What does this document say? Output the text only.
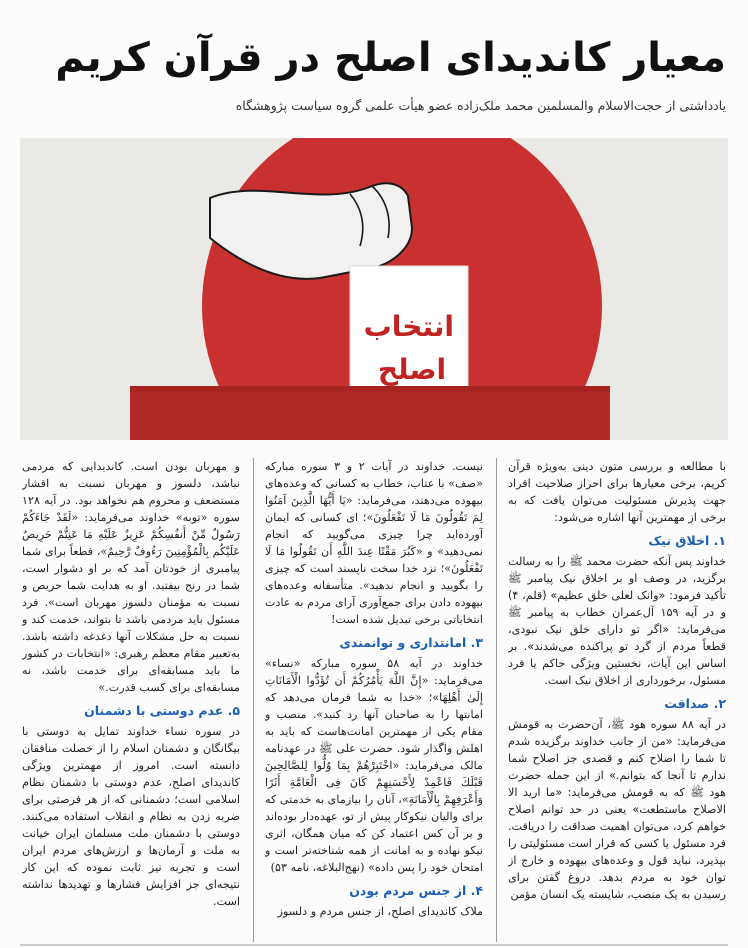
معیار کاندیدای اصلح در قرآن کریم
یادداشتی از حجت‌الاسلام والمسلمین محمد ملک‌زاده عضو هیأت علمی گروه سیاست پژوهشگاه
انتخاب
اصلح

با مطالعه و بررسی متون دینی به‌ویژه قرآن کریم، برخی معیارها برای احراز صلاحیت افراد جهت پذیرش مسئولیت می‌توان یافت که به برخی از مهمترین آنها اشاره می‌شود:

۱. اخلاق نیک

خداوند پس آنکه حضرت محمد ﷺ را به رسالت برگزید، در وصف او بر اخلاق نیک پیامبر ﷺ تأکید فرمود: «وانک لعلی خلق عظیم» (قلم، ۴) و در آیه ۱۵۹ آل‌عمران خطاب به پیامبر ﷺ می‌فرماید: «اگر تو دارای خلق نیک نبودی، قطعاً مردم از گرد تو پراکنده می‌شدند». بر اساس این آیات، نخستین ویژگی حاکم یا فرد مسئول، برخورداری از اخلاق نیک است.

۲. صداقت

در آیه ۸۸ سوره هود ﷺ، آن‌حضرت به قومش می‌فرماید: «من از جانب خداوند برگزیده شدم تا شما را اصلاح کنم و قصدی جز اصلاح شما ندارم تا آنجا که بتوانم.» از این جمله حضرت هود ﷺ که به قومش می‌فرماید: «ما ارید الا الاصلاح ماستطعت» یعنی در حد توانم اصلاح خواهم کرد، می‌توان اهمیت صداقت را دریافت. فرد مسئول یا کسی که قرار است مسئولیتی را بپذیرد، نباید قول و وعده‌های بیهوده و خارج از توان خود به مردم بدهد. دروغ گفتن برای رسیدن به یک منصب، شایسته یک انسان مؤمن

نیست. خداوند در آیات ۲ و ۳ سوره مبارکه «صف» با عتاب، خطاب به کسانی که وعده‌های بیهوده می‌دهند، می‌فرماید: «یَا أَیُّهَا الَّذِینَ آمَنُوا لِمَ تَقُولُونَ مَا لَا تَفْعَلُونَ»؛ ای کسانی که ایمان آورده‌اید چرا چیزی می‌گویید که انجام نمی‌دهید» و «کَبُرَ مَقْتًا عِندَ اللَّهِ أَن تَقُولُوا مَا لَا تَفْعَلُونَ»؛ نزد خدا سخت ناپسند است که چیزی را بگویید و انجام ندهید». متأسفانه وعده‌های بیهوده دادن برای جمع‌آوری آرای مردم به عادت انتخاباتی برخی تبدیل شده است!

۳. امانتداری و توانمندی

خداوند در آیه ۵۸ سوره مبارکه «نساء» می‌فرماید: «إِنَّ اللَّهَ یَأْمُرُكُمْ أَن تُؤَدُّوا الْأَمَانَاتِ إِلَىٰ أَهْلِهَا»؛ «خدا به شما فرمان می‌دهد که امانتها را به صاحبان آنها رد کنید». منصب و مقام یکی از مهمترین امانت‌هاست که باید به اهلش واگذار شود. حضرت علی ﷺ در عهدنامه مالک می‌فرماید: «اخْتَبِرْهُمْ بِمَا وُلُّوا لِلصَّالِحِینَ قَبْلَكَ فَاعْمِدْ لِأَحْسَنِهِمْ كَانَ فِی الْعَامَّةِ أَثَرًا وَأَعْرَفِهِمْ بِالْأَمَانَةِ»، آنان را بیازمای به خدمتی که برای والیان نیکوکار پیش از تو، عهده‌دار بوده‌اند و بر آن کس اعتماد کن که میان همگان، اثری نیکو نهاده و به امانت از همه شناخته‌تر است و امتحان خود را پس داده» (نهج‌البلاغه، نامه ۵۳)

۴. از جنس مردم بودن

ملاک کاندیدای اصلح، از جنس مردم و دلسوز

و مهربان بودن است. کاندیدایی که مردمی نباشد، دلسوز و مهربان نسبت به اقشار مستضعف و محروم هم نخواهد بود. در آیه ۱۲۸ سوره «توبه» خداوند می‌فرماید: «لَقَدْ جَاءَكُمْ رَسُولٌ مِّنْ أَنفُسِكُمْ عَزِیزٌ عَلَیْهِ مَا عَنِتُّمْ حَرِیصٌ عَلَیْكُم بِالْمُؤْمِنِینَ رَءُوفٌ رَّحِیمٌ»، قطعاً برای شما پیامبری از خودتان آمد که بر او دشوار است، شما در رنج بیفتید. او به هدایت شما حریص و نسبت به مؤمنان دلسوز مهربان است». فرد مسئول باید مردمی باشد تا بتواند، خدمت کند و نسبت به حل مشکلات آنها دغدغه داشته باشد. به‌تعبیر مقام معظم رهبری: «انتخابات در کشور ما باید مسابقه‌ای برای خدمت باشد، نه مسابقه‌ای برای کسب قدرت.»

۵. عدم دوستی با دشمنان

در سوره نساء خداوند تمایل به دوستی با بیگانگان و دشمنان اسلام را از خصلت منافقان دانسته است. امروز از مهمترین ویژگی کاندیدای اصلح، عدم دوستی با دشمنان نظام اسلامی است؛ دشمنانی که از هر فرصتی برای ضربه زدن به نظام و انقلاب استفاده می‌کنند. دوستی با دشمنان ملت مسلمان ایران خیانت به ملت و آرمان‌ها و ارزش‌های مردم ایران است و تجربه نیز ثابت نموده که این کار نتیجه‌ای جز افزایش فشارها و تهدیدها نداشته است.
